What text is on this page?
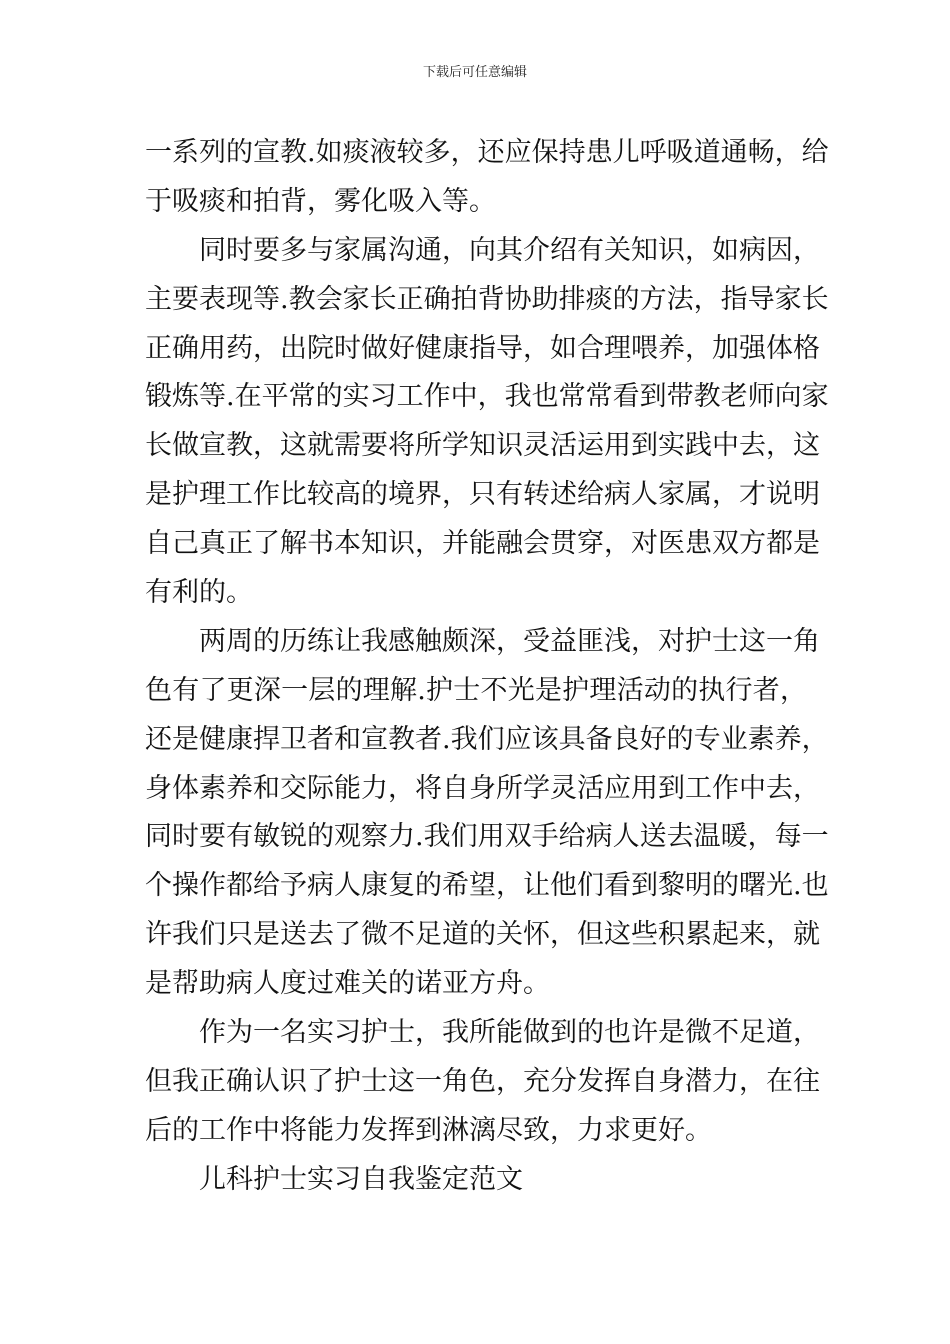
下载后可任意编辑
一系列的宣教.如痰液较多，还应保持患儿呼吸道通畅，给
于吸痰和拍背，雾化吸入等。
同时要多与家属沟通，向其介绍有关知识，如病因，
主要表现等.教会家长正确拍背协助排痰的方法，指导家长
正确用药，出院时做好健康指导，如合理喂养，加强体格
锻炼等.在平常的实习工作中，我也常常看到带教老师向家
长做宣教，这就需要将所学知识灵活运用到实践中去，这
是护理工作比较高的境界，只有转述给病人家属，才说明
自己真正了解书本知识，并能融会贯穿，对医患双方都是
有利的。
两周的历练让我感触颇深，受益匪浅，对护士这一角
色有了更深一层的理解.护士不光是护理活动的执行者，
还是健康捍卫者和宣教者.我们应该具备良好的专业素养，
身体素养和交际能力，将自身所学灵活应用到工作中去，
同时要有敏锐的观察力.我们用双手给病人送去温暖，每一
个操作都给予病人康复的希望，让他们看到黎明的曙光.也
许我们只是送去了微不足道的关怀，但这些积累起来，就
是帮助病人度过难关的诺亚方舟。
作为一名实习护士，我所能做到的也许是微不足道，
但我正确认识了护士这一角色，充分发挥自身潜力，在往
后的工作中将能力发挥到淋漓尽致，力求更好。
儿科护士实习自我鉴定范文
